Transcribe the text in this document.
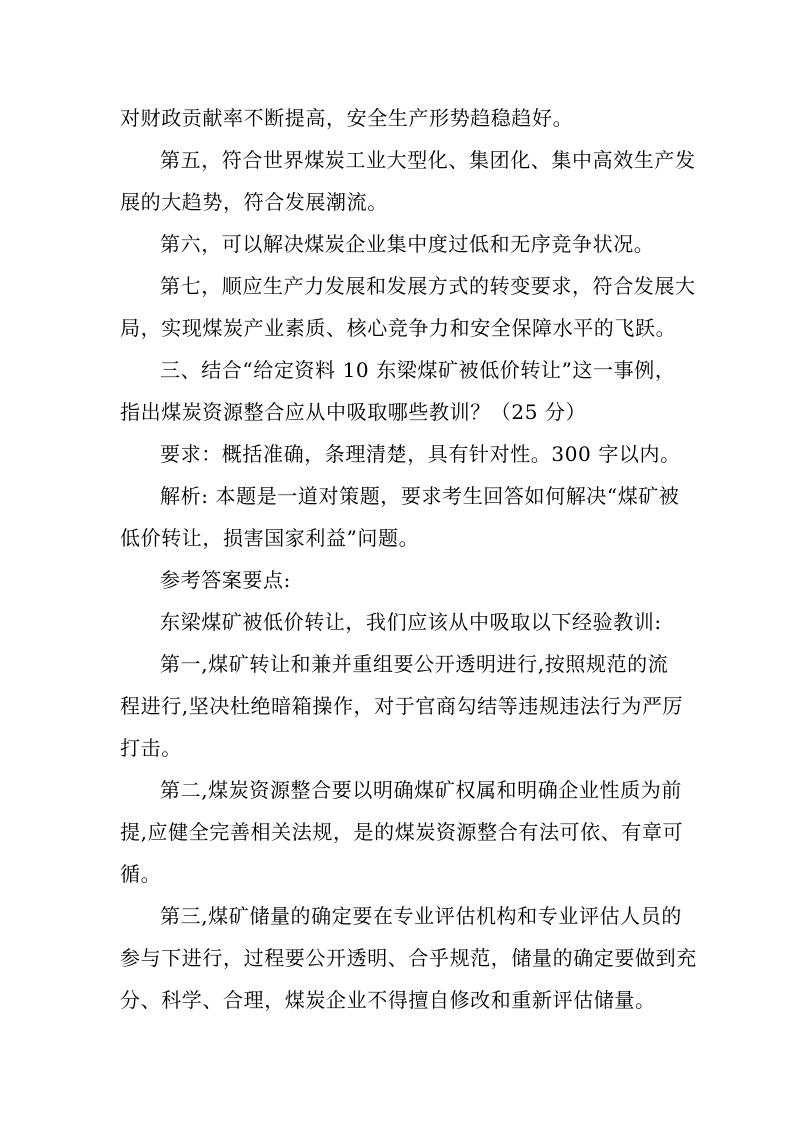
对财政贡献率不断提高，安全生产形势趋稳趋好。
第五，符合世界煤炭工业大型化、集团化、集中高效生产发
展的大趋势，符合发展潮流。
第六，可以解决煤炭企业集中度过低和无序竞争状况。
第七，顺应生产力发展和发展方式的转变要求，符合发展大
局，实现煤炭产业素质、核心竞争力和安全保障水平的飞跃。
三、结合“给定资料 10 东梁煤矿被低价转让”这一事例，
指出煤炭资源整合应从中吸取哪些教训？（25 分）
要求：概括准确，条理清楚，具有针对性。300 字以内。
解析: 本题是一道对策题，要求考生回答如何解决“煤矿被
低价转让，损害国家利益”问题。
参考答案要点:
东梁煤矿被低价转让，我们应该从中吸取以下经验教训:
第一,煤矿转让和兼并重组要公开透明进行,按照规范的流
程进行,坚决杜绝暗箱操作，对于官商勾结等违规违法行为严厉
打击。
第二,煤炭资源整合要以明确煤矿权属和明确企业性质为前
提,应健全完善相关法规，是的煤炭资源整合有法可依、有章可
循。
第三,煤矿储量的确定要在专业评估机构和专业评估人员的
参与下进行，过程要公开透明、合乎规范，储量的确定要做到充
分、科学、合理，煤炭企业不得擅自修改和重新评估储量。
